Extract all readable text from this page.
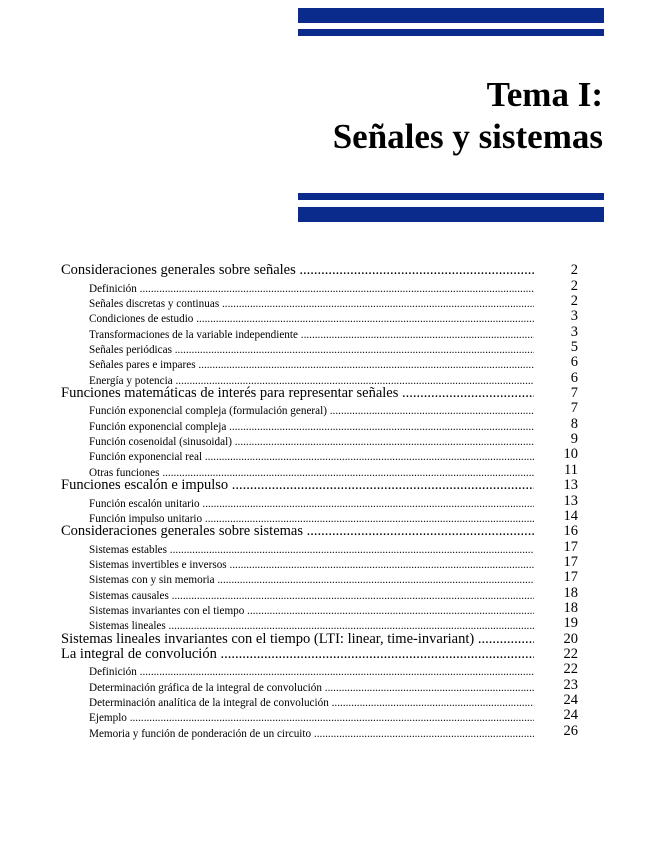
Tema I:
Señales y sistemas
Consideraciones generales sobre señales .....	2
Definición .....	2
Señales discretas y continuas .....	2
Condiciones de estudio .....	3
Transformaciones de la variable independiente .....	3
Señales periódicas .....	5
Señales pares e impares .....	6
Energía y potencia .....	6
Funciones matemáticas de interés para representar señales .....	7
Función exponencial compleja (formulación general) .....	7
Función exponencial compleja .....	8
Función cosenoidal (sinusoidal) .....	9
Función exponencial real .....	10
Otras funciones .....	11
Funciones escalón e impulso .....	13
Función escalón unitario .....	13
Función impulso unitario .....	14
Consideraciones generales sobre sistemas .....	16
Sistemas estables .....	17
Sistemas invertibles e inversos .....	17
Sistemas con y sin memoria .....	17
Sistemas causales .....	18
Sistemas invariantes con el tiempo .....	18
Sistemas lineales .....	19
Sistemas lineales invariantes con el tiempo (LTI: linear, time-invariant) .....	20
La integral de convolución .....	22
Definición .....	22
Determinación gráfica de la integral de convolución .....	23
Determinación analítica de la integral de convolución .....	24
Ejemplo .....	24
Memoria y función de ponderación de un circuito .....	26
